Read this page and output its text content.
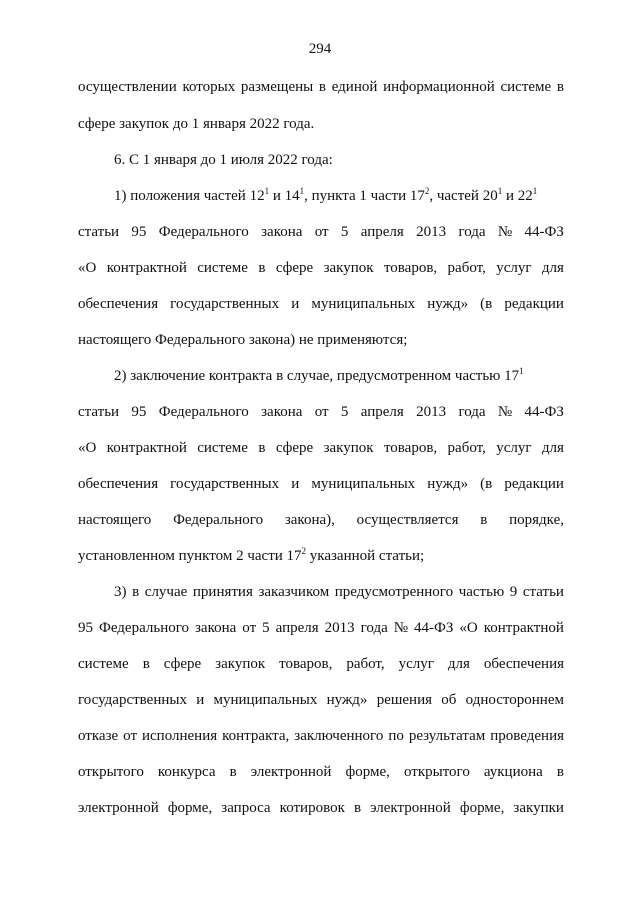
294
осуществлении которых размещены в единой информационной системе в
сфере закупок до 1 января 2022 года.
6. С 1 января до 1 июля 2022 года:
1) положения частей $12^1$ и $14^1$, пункта 1 части $17^2$, частей $20^1$ и $22^1$
статьи 95 Федерального закона от 5 апреля 2013 года № 44-ФЗ
«О контрактной системе в сфере закупок товаров, работ, услуг для
обеспечения государственных и муниципальных нужд» (в редакции
настоящего Федерального закона) не применяются;
2) заключение контракта в случае, предусмотренном частью $17^1$
статьи 95 Федерального закона от 5 апреля 2013 года № 44-ФЗ
«О контрактной системе в сфере закупок товаров, работ, услуг для
обеспечения государственных и муниципальных нужд» (в редакции
настоящего Федерального закона), осуществляется в порядке,
установленном пунктом 2 части $17^2$ указанной статьи;
3) в случае принятия заказчиком предусмотренного частью 9 статьи
95 Федерального закона от 5 апреля 2013 года № 44-ФЗ «О контрактной
системе в сфере закупок товаров, работ, услуг для обеспечения
государственных и муниципальных нужд» решения об одностороннем
отказе от исполнения контракта, заключенного по результатам проведения
открытого конкурса в электронной форме, открытого аукциона в
электронной форме, запроса котировок в электронной форме, закупки
